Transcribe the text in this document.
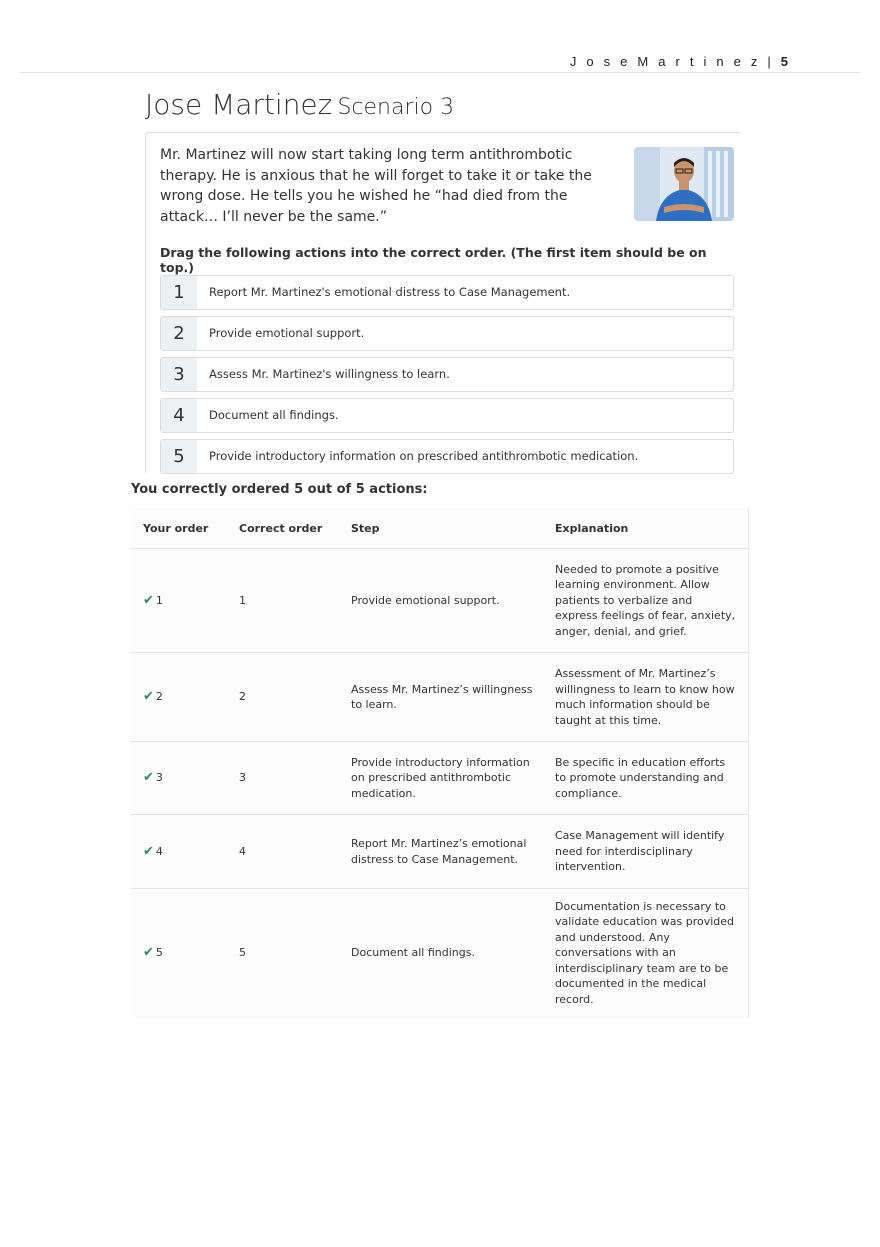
J o s e M a r t i n e z | 5
Jose Martinez Scenario 3
Mr. Martinez will now start taking long term antithrombotic therapy. He is anxious that he will forget to take it or take the wrong dose. He tells you he wished he “had died from the attack… I’ll never be the same.”
Drag the following actions into the correct order. (The first item should be on top.)
1	Report Mr. Martinez's emotional distress to Case Management.
2	Provide emotional support.
3	Assess Mr. Martinez's willingness to learn.
4	Document all findings.
5	Provide introductory information on prescribed antithrombotic medication.
You correctly ordered 5 out of 5 actions:
Your order	Correct order	Step	Explanation
✔ 1	1	Provide emotional support.	Needed to promote a positive learning environment. Allow patients to verbalize and express feelings of fear, anxiety, anger, denial, and grief.
✔ 2	2	Assess Mr. Martinez’s willingness to learn.	Assessment of Mr. Martinez’s willingness to learn to know how much information should be taught at this time.
✔ 3	3	Provide introductory information on prescribed antithrombotic medication.	Be specific in education efforts to promote understanding and compliance.
✔ 4	4	Report Mr. Martinez’s emotional distress to Case Management.	Case Management will identify need for interdisciplinary intervention.
✔ 5	5	Document all findings.	Documentation is necessary to validate education was provided and understood. Any conversations with an interdisciplinary team are to be documented in the medical record.
